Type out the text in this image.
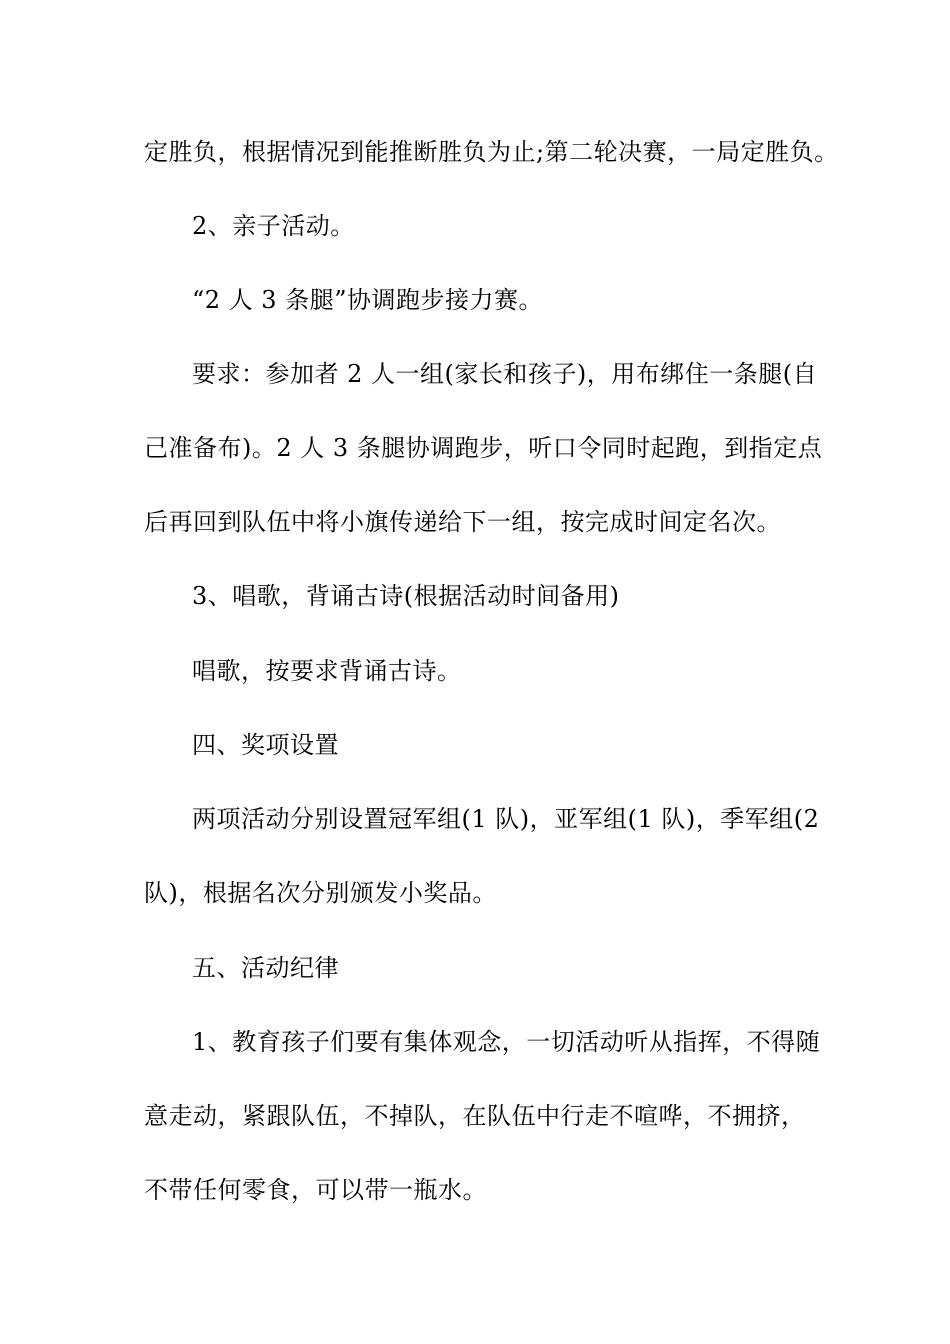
定胜负，根据情况到能推断胜负为止;第二轮决赛，一局定胜负。

2、亲子活动。

“2 人 3 条腿”协调跑步接力赛。

要求：参加者 2 人一组(家长和孩子)，用布绑住一条腿(自

己准备布)。2 人 3 条腿协调跑步，听口令同时起跑，到指定点

后再回到队伍中将小旗传递给下一组，按完成时间定名次。

3、唱歌，背诵古诗(根据活动时间备用)

唱歌，按要求背诵古诗。

四、奖项设置

两项活动分别设置冠军组(1 队)，亚军组(1 队)，季军组(2

队)，根据名次分别颁发小奖品。

五、活动纪律

1、教育孩子们要有集体观念，一切活动听从指挥，不得随

意走动，紧跟队伍，不掉队，在队伍中行走不喧哗，不拥挤，

不带任何零食，可以带一瓶水。
